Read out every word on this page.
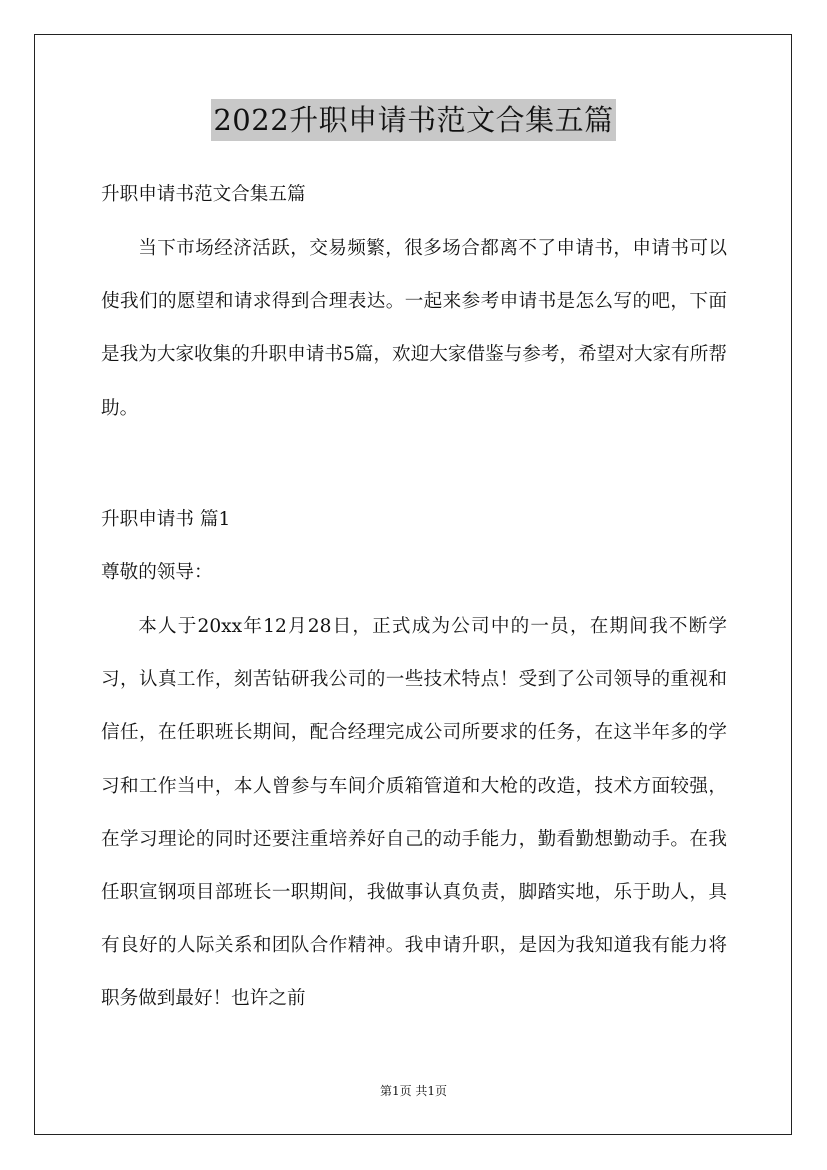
2022升职申请书范文合集五篇
升职申请书范文合集五篇
当下市场经济活跃，交易频繁，很多场合都离不了申请书，申请书可以使我们的愿望和请求得到合理表达。一起来参考申请书是怎么写的吧，下面是我为大家收集的升职申请书5篇，欢迎大家借鉴与参考，希望对大家有所帮助。
升职申请书 篇1
尊敬的领导：
本人于20xx年12月28日，正式成为公司中的一员，在期间我不断学习，认真工作，刻苦钻研我公司的一些技术特点！受到了公司领导的重视和信任，在任职班长期间，配合经理完成公司所要求的任务，在这半年多的学习和工作当中，本人曾参与车间介质箱管道和大枪的改造，技术方面较强，在学习理论的同时还要注重培养好自己的动手能力，勤看勤想勤动手。在我任职宣钢项目部班长一职期间，我做事认真负责，脚踏实地，乐于助人，具有良好的人际关系和团队合作精神。我申请升职，是因为我知道我有能力将职务做到最好！也许之前
第1页 共1页
